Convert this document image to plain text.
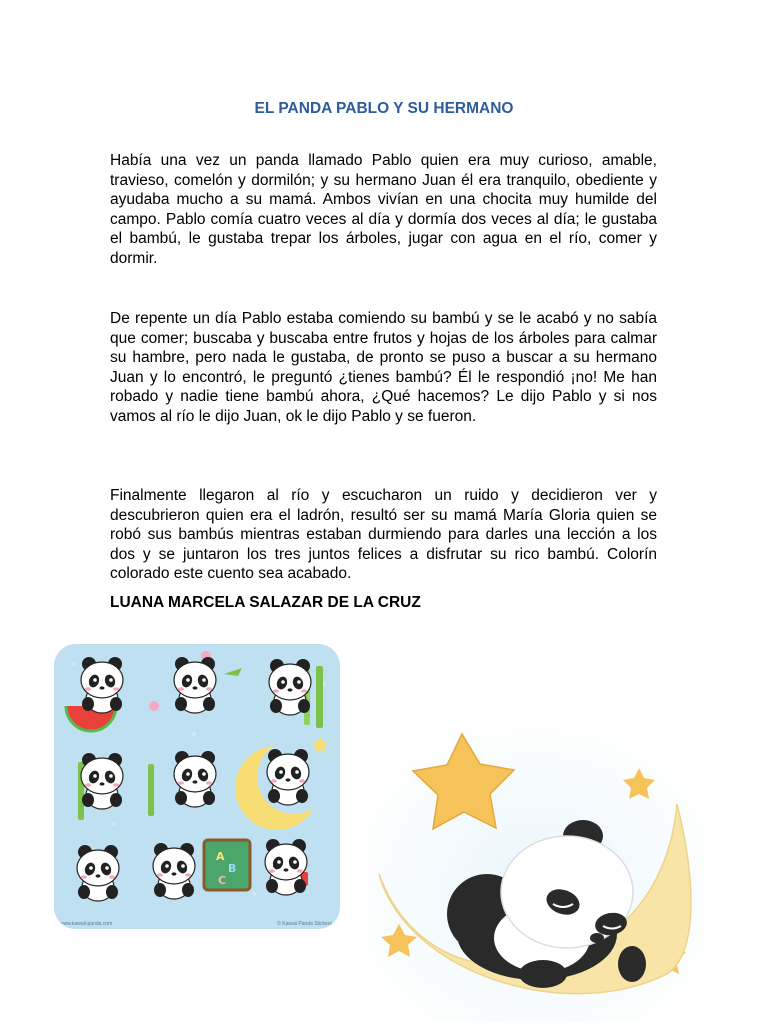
EL PANDA PABLO Y SU HERMANO

Había una vez un panda llamado Pablo quien era muy curioso, amable, travieso, comelón y dormilón; y su hermano Juan él era tranquilo, obediente y ayudaba mucho a su mamá. Ambos vivían en una chocita muy humilde del campo. Pablo comía cuatro veces al día y dormía dos veces al día; le gustaba el bambú, le gustaba trepar los árboles, jugar con agua en el río, comer y dormir.

De repente un día Pablo estaba comiendo su bambú y se le acabó y no sabía que comer; buscaba y buscaba entre frutos y hojas de los árboles para calmar su hambre, pero nada le gustaba, de pronto se puso a buscar a su hermano Juan y lo encontró, le preguntó ¿tienes bambú? Él le respondió ¡no! Me han robado y nadie tiene bambú ahora, ¿Qué hacemos? Le dijo Pablo y si nos vamos al río le dijo Juan, ok le dijo Pablo y se fueron.

Finalmente llegaron al río y escucharon un ruido y decidieron ver y descubrieron quien era el ladrón, resultó ser su mamá María Gloria quien se robó sus bambús mientras estaban durmiendo para darles una lección a los dos y se juntaron los tres juntos felices a disfrutar su rico bambú. Colorín colorado este cuento sea acabado.

LUANA MARCELA SALAZAR DE LA CRUZ

A
B
C
www.kawaii-panda.com	© Kawaii Panda Stickers
